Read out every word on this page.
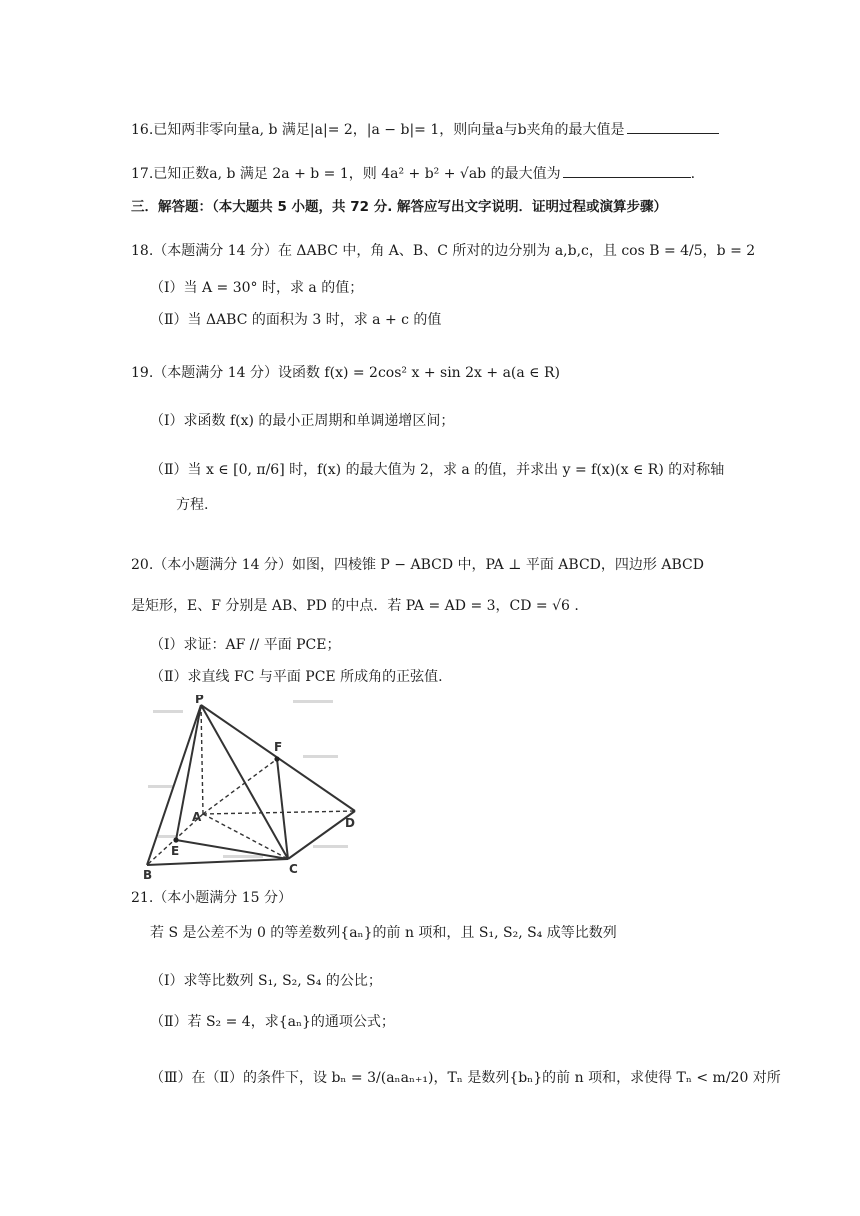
16.已知两非零向量a, b 满足|a|= 2，|a − b|= 1，则向量a与b夹角的最大值是
17.已知正数a, b 满足 2a + b = 1，则 4a² + b² + √ab 的最大值为	.
三．解答题：（本大题共 5 小题，共 72 分. 解答应写出文字说明．证明过程或演算步骤）
18.（本题满分 14 分）在 ΔABC 中，角 A、B、C 所对的边分别为 a,b,c，且 cos B = 4/5，b = 2
（Ⅰ）当 A = 30° 时，求 a 的值；
（Ⅱ）当 ΔABC 的面积为 3 时，求 a + c 的值
19.（本题满分 14 分）设函数 f(x) = 2cos² x + sin 2x + a(a ∈ R)
（Ⅰ）求函数 f(x) 的最小正周期和单调递增区间；
（Ⅱ）当 x ∈ [0, π/6] 时，f(x) 的最大值为 2，求 a 的值，并求出 y = f(x)(x ∈ R) 的对称轴
方程.
20.（本小题满分 14 分）如图，四棱锥 P − ABCD 中，PA ⊥ 平面 ABCD，四边形 ABCD
是矩形，E、F 分别是 AB、PD 的中点．若 PA = AD = 3，CD = √6 .
（Ⅰ）求证：AF // 平面 PCE；
（Ⅱ）求直线 FC 与平面 PCE 所成角的正弦值.
P
A
B	C
D
E
F
21.（本小题满分 15 分）
若 S 是公差不为 0 的等差数列{aₙ}的前 n 项和，且 S₁, S₂, S₄ 成等比数列
（Ⅰ）求等比数列 S₁, S₂, S₄ 的公比；
（Ⅱ）若 S₂ = 4，求{aₙ}的通项公式；
（Ⅲ）在（Ⅱ）的条件下，设 bₙ = 3/(aₙaₙ₊₁)，Tₙ 是数列{bₙ}的前 n 项和，求使得 Tₙ < m/20 对所
